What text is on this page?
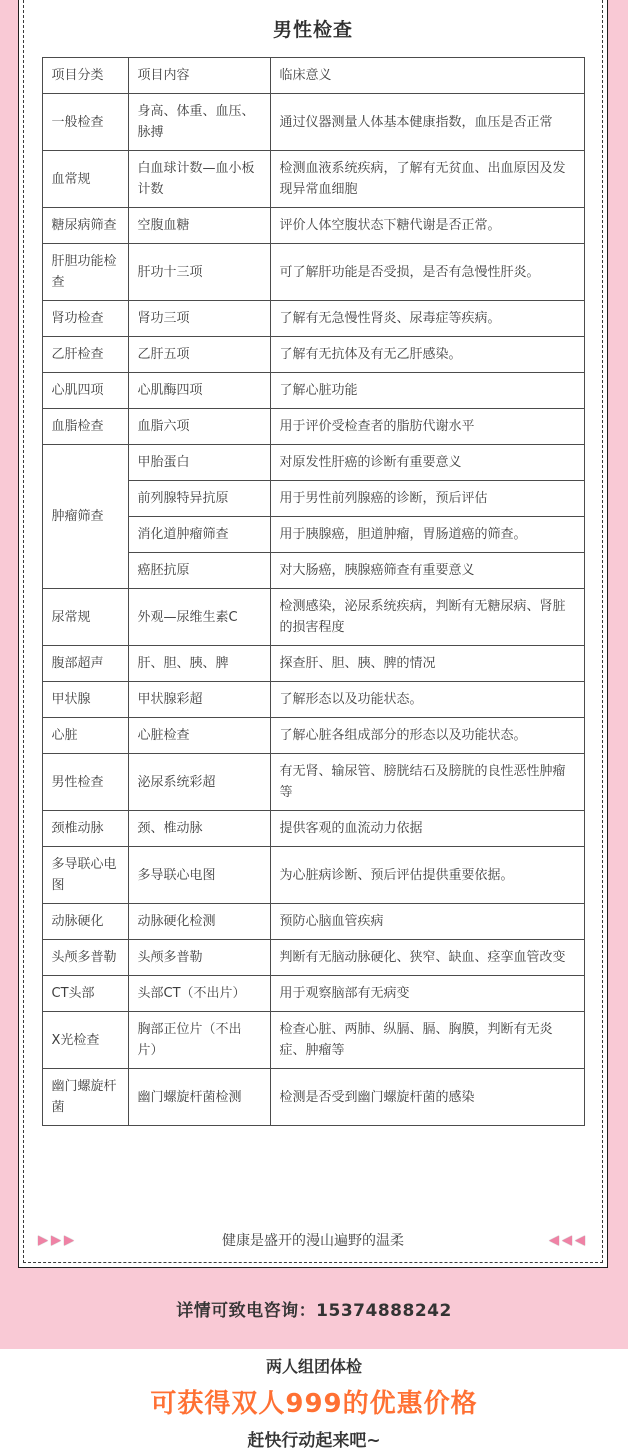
男性检查
项目分类	项目内容	临床意义
一般检查	身高、体重、血压、脉搏	通过仪器测量人体基本健康指数，血压是否正常
血常规	白血球计数—血小板计数	检测血液系统疾病，了解有无贫血、出血原因及发现异常血细胞
糖尿病筛查	空腹血糖	评价人体空腹状态下糖代谢是否正常。
肝胆功能检查	肝功十三项	可了解肝功能是否受损，是否有急慢性肝炎。
肾功检查	肾功三项	了解有无急慢性肾炎、尿毒症等疾病。
乙肝检查	乙肝五项	了解有无抗体及有无乙肝感染。
心肌四项	心肌酶四项	了解心脏功能
血脂检查	血脂六项	用于评价受检查者的脂肪代谢水平
肿瘤筛查	甲胎蛋白	对原发性肝癌的诊断有重要意义
	前列腺特异抗原	用于男性前列腺癌的诊断，预后评估
	消化道肿瘤筛查	用于胰腺癌，胆道肿瘤，胃肠道癌的筛查。
	癌胚抗原	对大肠癌，胰腺癌筛查有重要意义
尿常规	外观—尿维生素C	检测感染，泌尿系统疾病，判断有无糖尿病、肾脏的损害程度
腹部超声	肝、胆、胰、脾	探查肝、胆、胰、脾的情况
甲状腺	甲状腺彩超	了解形态以及功能状态。
心脏	心脏检查	了解心脏各组成部分的形态以及功能状态。
男性检查	泌尿系统彩超	有无肾、输尿管、膀胱结石及膀胱的良性恶性肿瘤等
颈椎动脉	颈、椎动脉	提供客观的血流动力依据
多导联心电图	多导联心电图	为心脏病诊断、预后评估提供重要依据。
动脉硬化	动脉硬化检测	预防心脑血管疾病
头颅多普勒	头颅多普勒	判断有无脑动脉硬化、狭窄、缺血、痉挛血管改变
CT头部	头部CT（不出片）	用于观察脑部有无病变
X光检查	胸部正位片（不出片）	检查心脏、两肺、纵膈、膈、胸膜，判断有无炎症、肿瘤等
幽门螺旋杆菌	幽门螺旋杆菌检测	检测是否受到幽门螺旋杆菌的感染
▶▶▶	健康是盛开的漫山遍野的温柔	◀◀◀
详情可致电咨询：15374888242
两人组团体检
可获得双人999的优惠价格
赶快行动起来吧~
